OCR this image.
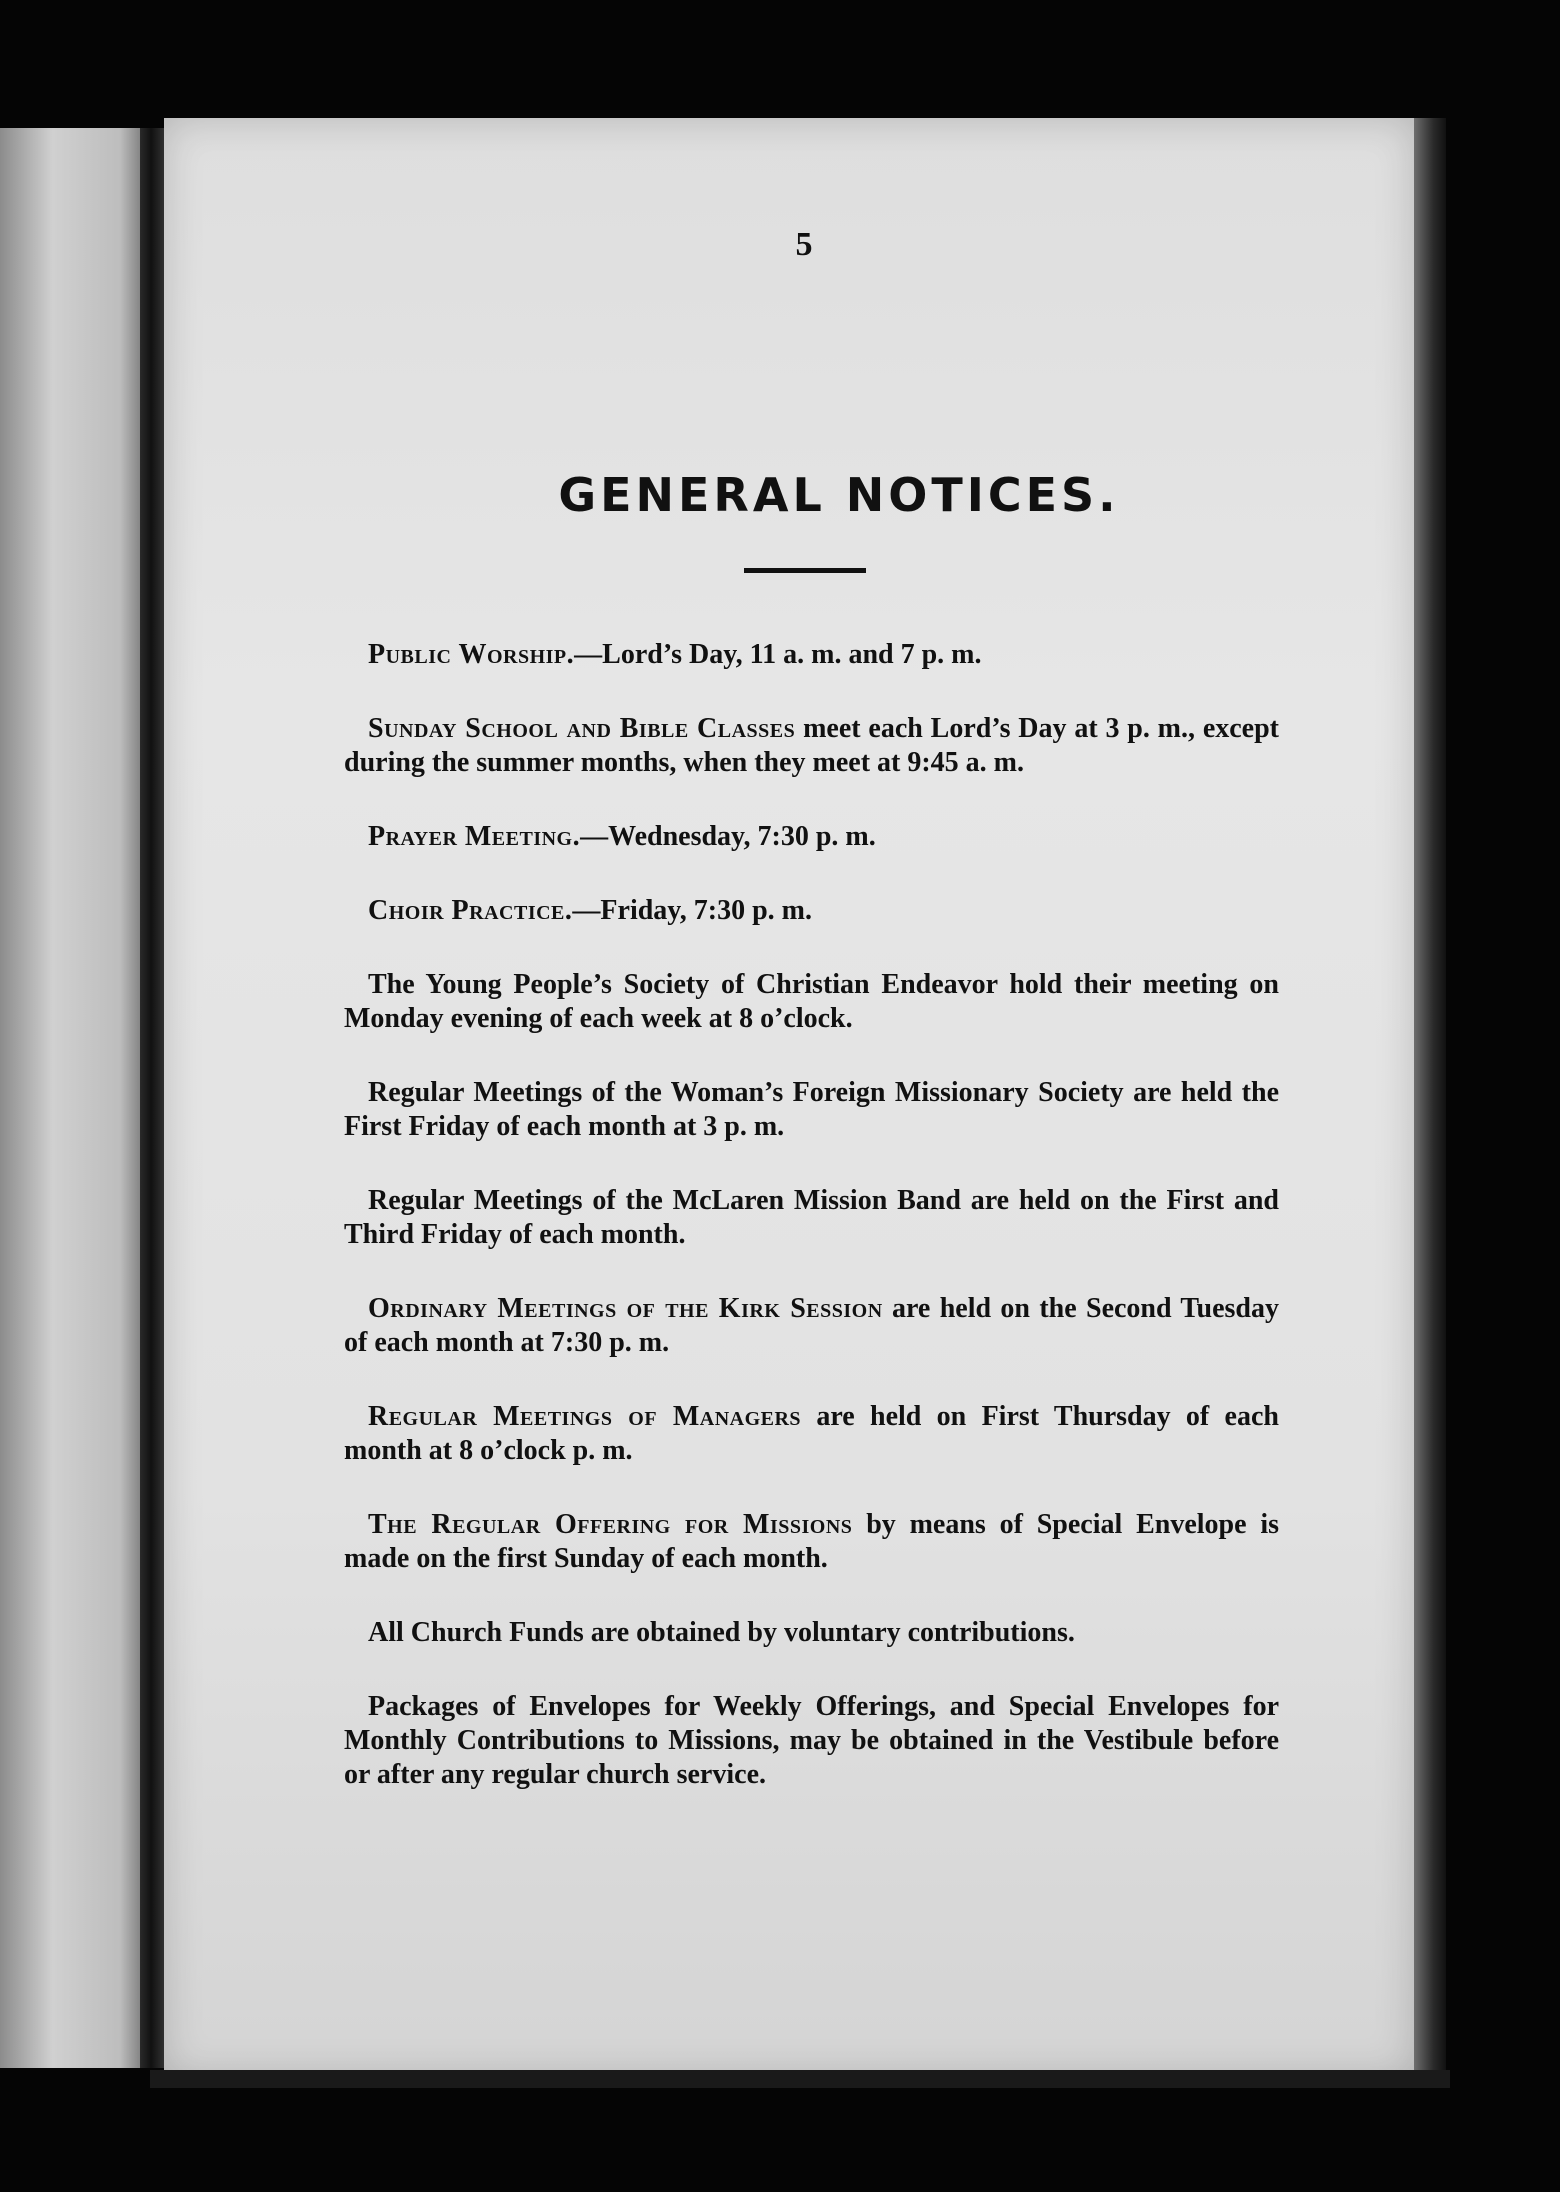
5
GENERAL NOTICES.

Public Worship.—Lord’s Day, 11 a. m. and 7 p. m.

Sunday School and Bible Classes meet each Lord’s Day at 3 p. m., except during the summer months, when they meet at 9:45 a. m.

Prayer Meeting.—Wednesday, 7:30 p. m.

Choir Practice.—Friday, 7:30 p. m.

The Young People’s Society of Christian Endeavor hold their meeting on Monday evening of each week at 8 o’clock.

Regular Meetings of the Woman’s Foreign Missionary Society are held the First Friday of each month at 3 p. m.

Regular Meetings of the McLaren Mission Band are held on the First and Third Friday of each month.

Ordinary Meetings of the Kirk Session are held on the Second Tuesday of each month at 7:30 p. m.

Regular Meetings of Managers are held on First Thursday of each month at 8 o’clock p. m.

The Regular Offering for Missions by means of Special Envelope is made on the first Sunday of each month.

All Church Funds are obtained by voluntary contributions.

Packages of Envelopes for Weekly Offerings, and Special Envelopes for Monthly Contributions to Missions, may be obtained in the Vestibule before or after any regular church service.
